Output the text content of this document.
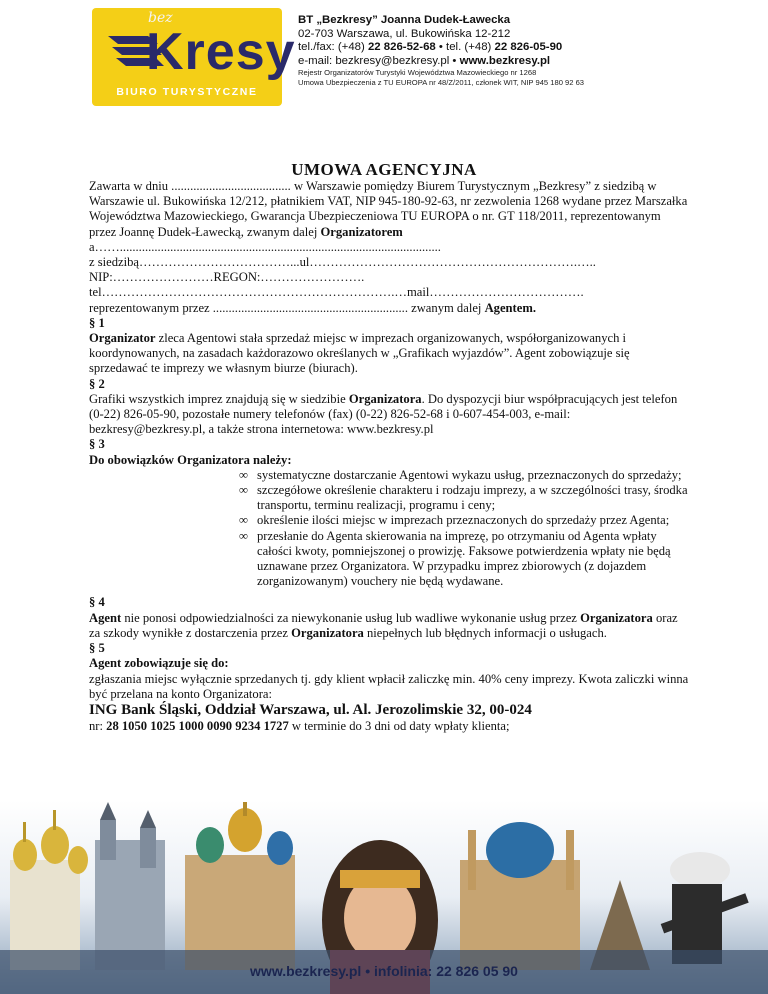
bez
Kresy
BIURO TURYSTYCZNE
BT „Bezkresy” Joanna Dudek-Ławecka
02-703 Warszawa, ul. Bukowińska 12-212
tel./fax: (+48) 22 826-52-68 • tel. (+48) 22 826-05-90
e-mail: bezkresy@bezkresy.pl • www.bezkresy.pl
Rejestr Organizatorów Turystyki Województwa Mazowieckiego nr 1268
Umowa Ubezpieczenia z TU EUROPA nr 48/Z/2011, członek WIT, NIP 945 180 92 63
UMOWA AGENCYJNA

Zawarta w dniu ...................................... w Warszawie pomiędzy Biurem Turystycznym „Bezkresy” z siedzibą w Warszawie ul. Bukowińska 12/212, płatnikiem VAT, NIP 945-180-92-63, nr zezwolenia 1268 wydane przez Marszałka Województwa Mazowieckiego, Gwarancja Ubezpieczeniowa TU EUROPA o nr. GT 118/2011, reprezentowanym przez Joannę Dudek-Ławecką, zwanym dalej Organizatorem

a……......................................................................................................

z siedzibą………………………………...ul……………………………………………………….…..

NIP:……………………REGON:…………………….

tel…………………………………………………………….…mail……………………………….

reprezentowanym przez .............................................................. zwanym dalej Agentem.

§ 1

Organizator zleca Agentowi stała sprzedaż miejsc w imprezach organizowanych, współorganizowanych i koordynowanych, na zasadach każdorazowo określanych w „Grafikach wyjazdów”. Agent zobowiązuje się sprzedawać te imprezy we własnym biurze (biurach).

§ 2

Grafiki wszystkich imprez znajdują się w siedzibie Organizatora. Do dyspozycji biur współpracujących jest telefon (0-22) 826-05-90, pozostałe numery telefonów (fax) (0-22) 826-52-68 i 0-607-454-003, e-mail: bezkresy@bezkresy.pl, a także strona internetowa: www.bezkresy.pl

§ 3

Do obowiązków Organizatora należy:

∞ systematyczne dostarczanie Agentowi wykazu usług, przeznaczonych do sprzedaży;
∞ szczegółowe określenie charakteru i rodzaju imprezy, a w szczególności trasy, środka transportu, terminu realizacji, programu i ceny;
∞ określenie ilości miejsc w imprezach przeznaczonych do sprzedaży przez Agenta;
∞ przesłanie do Agenta skierowania na imprezę, po otrzymaniu od Agenta wpłaty całości kwoty, pomniejszonej o prowizję. Faksowe potwierdzenia wpłaty nie będą uznawane przez Organizatora. W przypadku imprez zbiorowych (z dojazdem zorganizowanym) vouchery nie będą wydawane.

§ 4

Agent nie ponosi odpowiedzialności za niewykonanie usług lub wadliwe wykonanie usług przez Organizatora oraz za szkody wynikłe z dostarczenia przez Organizatora niepełnych lub błędnych informacji o usługach.

§ 5

Agent zobowiązuje się do:

zgłaszania miejsc wyłącznie sprzedanych tj. gdy klient wpłacił zaliczkę min. 40% ceny imprezy. Kwota zaliczki winna być przelana na konto Organizatora:

ING Bank Śląski, Oddział Warszawa, ul. Al. Jerozolimskie 32, 00-024

nr: 28 1050 1025 1000 0090 9234 1727 w terminie do 3 dni od daty wpłaty klienta;

www.bezkresy.pl • infolinia: 22 826 05 90
